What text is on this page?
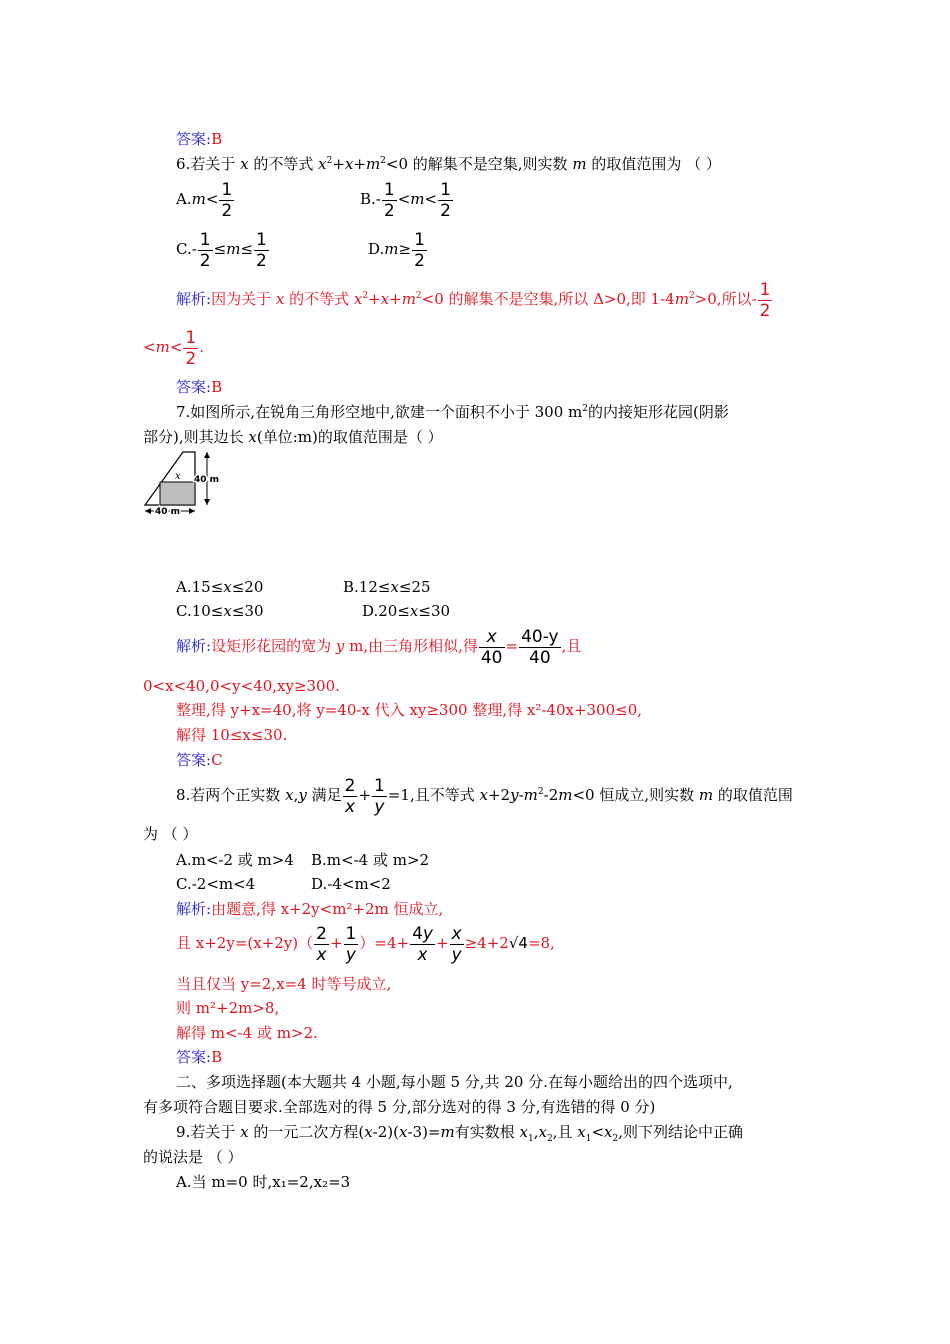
答案:B
6.若关于 x 的不等式 $x^2+x+m^2<0$ 的解集不是空集,则实数 m 的取值范围为 （ ）
$A.m< \frac{1}{2}$	$B.- \frac{1}{2} <m< \frac{1}{2}$
$C.- \frac{1}{2} \le m\le \frac{1}{2}$	$D.m\ge \frac{1}{2}$
解析:因为关于 x 的不等式 $x^2+x+m^2<0$ 的解集不是空集,所以 Δ>0,即 $1-4m^2>0$,所以- $\frac{1}{2}$
$<m< \frac{1}{2}$ .
答案:B
7.如图所示,在锐角三角形空地中,欲建一个面积不小于 300 $m^2$的内接矩形花园(阴影
部分),则其边长 x(单位:m)的取值范围是（ ）
x 40 m
40 m
A.15≤x≤20	B.12≤x≤25
C.10≤x≤30	D.20≤x≤30
解析:设矩形花园的宽为 y m,由三角形相似,得 $\frac{x}{40} = \frac{40-y}{40}$ ,且
0<x<40,0<y<40,xy≥300.
整理,得 y+x=40,将 y=40-x 代入 xy≥300 整理,得 x²-40x+300≤0,
解得 10≤x≤30.
答案:C
8.若两个正实数 x,y 满足 $\frac{2}{x} + \frac{1}{y} =1$,且不等式 $x+2y-m^2-2m<0$ 恒成立,则实数 m 的取值范围
为 （ ）
A.m<-2 或 m>4 B.m<-4 或 m>2
C.-2<m<4	D.-4<m<2
解析:由题意,得 x+2y<m²+2m 恒成立,
且 $x+2y=(x+2y)( \frac{2}{x} + \frac{1}{y} )=4+ \frac{4y}{x} + \frac{x}{y} \ge 4+2√4=8$,
当且仅当 y=2,x=4 时等号成立,
则 m²+2m>8,
解得 m<-4 或 m>2.
答案:B
二、多项选择题(本大题共 4 小题,每小题 5 分,共 20 分.在每小题给出的四个选项中,
有多项符合题目要求.全部选对的得 5 分,部分选对的得 3 分,有选错的得 0 分)
9.若关于 x 的一元二次方程(x-2)(x-3)=m有实数根 $x_1,x_2$,且 $x_1<x_2$,则下列结论中正确
的说法是 （ ）
A.当 m=0 时,x₁=2,x₂=3
